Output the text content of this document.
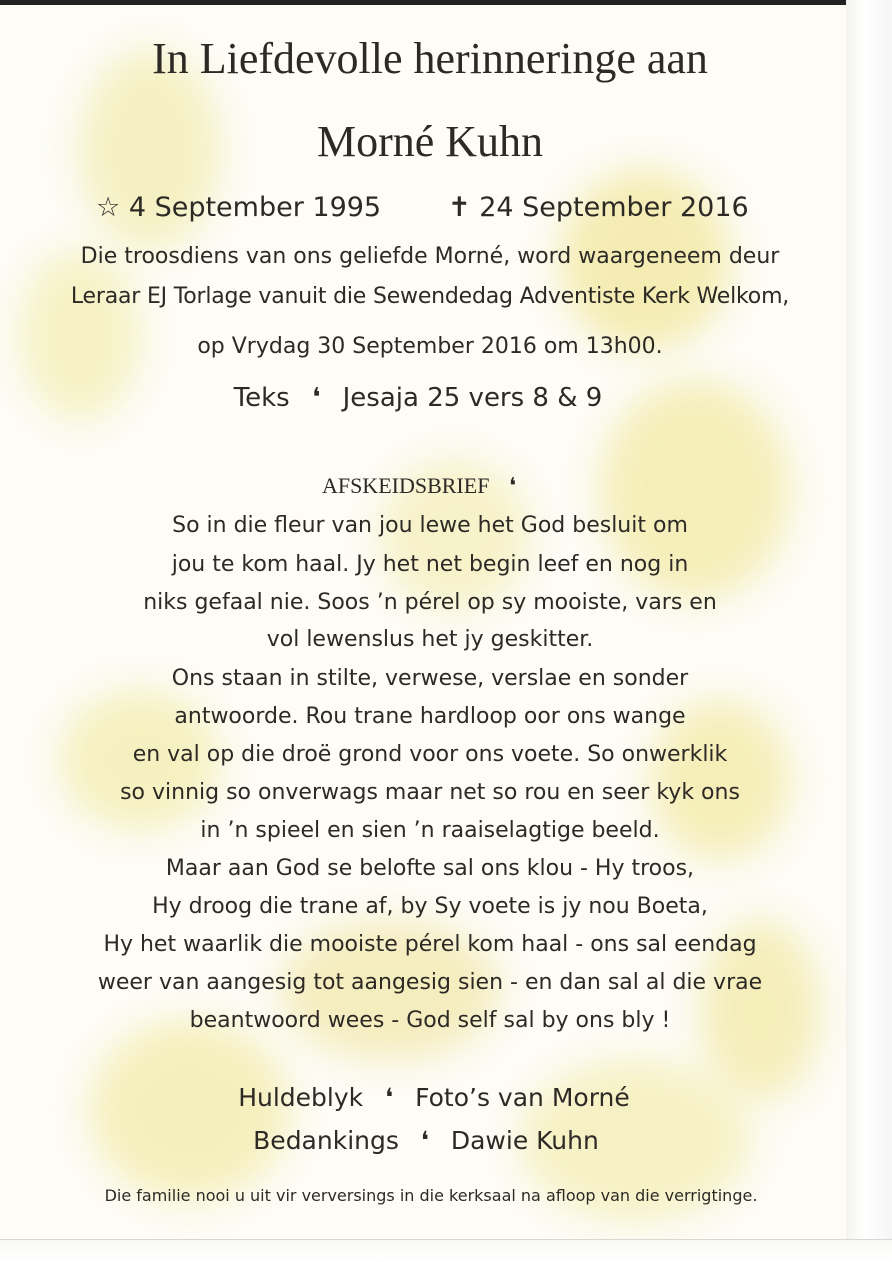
In Liefdevolle herinneringe aan
Morné Kuhn
☆ 4 September 1995 ✝ 24 September 2016
Die troosdiens van ons geliefde Morné, word waargeneem deur
Leraar EJ Torlage vanuit die Sewendedag Adventiste Kerk Welkom,
op Vrydag 30 September 2016 om 13h00.
Teks ❛ Jesaja 25 vers 8 & 9
AFSKEIDSBRIEF ❛
So in die fleur van jou lewe het God besluit om
jou te kom haal. Jy het net begin leef en nog in
niks gefaal nie. Soos ’n pérel op sy mooiste, vars en
vol lewenslus het jy geskitter.
Ons staan in stilte, verwese, verslae en sonder
antwoorde. Rou trane hardloop oor ons wange
en val op die droë grond voor ons voete. So onwerklik
so vinnig so onverwags maar net so rou en seer kyk ons
in ’n spieel en sien ’n raaiselagtige beeld.
Maar aan God se belofte sal ons klou - Hy troos,
Hy droog die trane af, by Sy voete is jy nou Boeta,
Hy het waarlik die mooiste pérel kom haal - ons sal eendag
weer van aangesig tot aangesig sien - en dan sal al die vrae
beantwoord wees - God self sal by ons bly !
Huldeblyk ❛ Foto’s van Morné
Bedankings ❛ Dawie Kuhn
Die familie nooi u uit vir verversings in die kerksaal na afloop van die verrigtinge.
